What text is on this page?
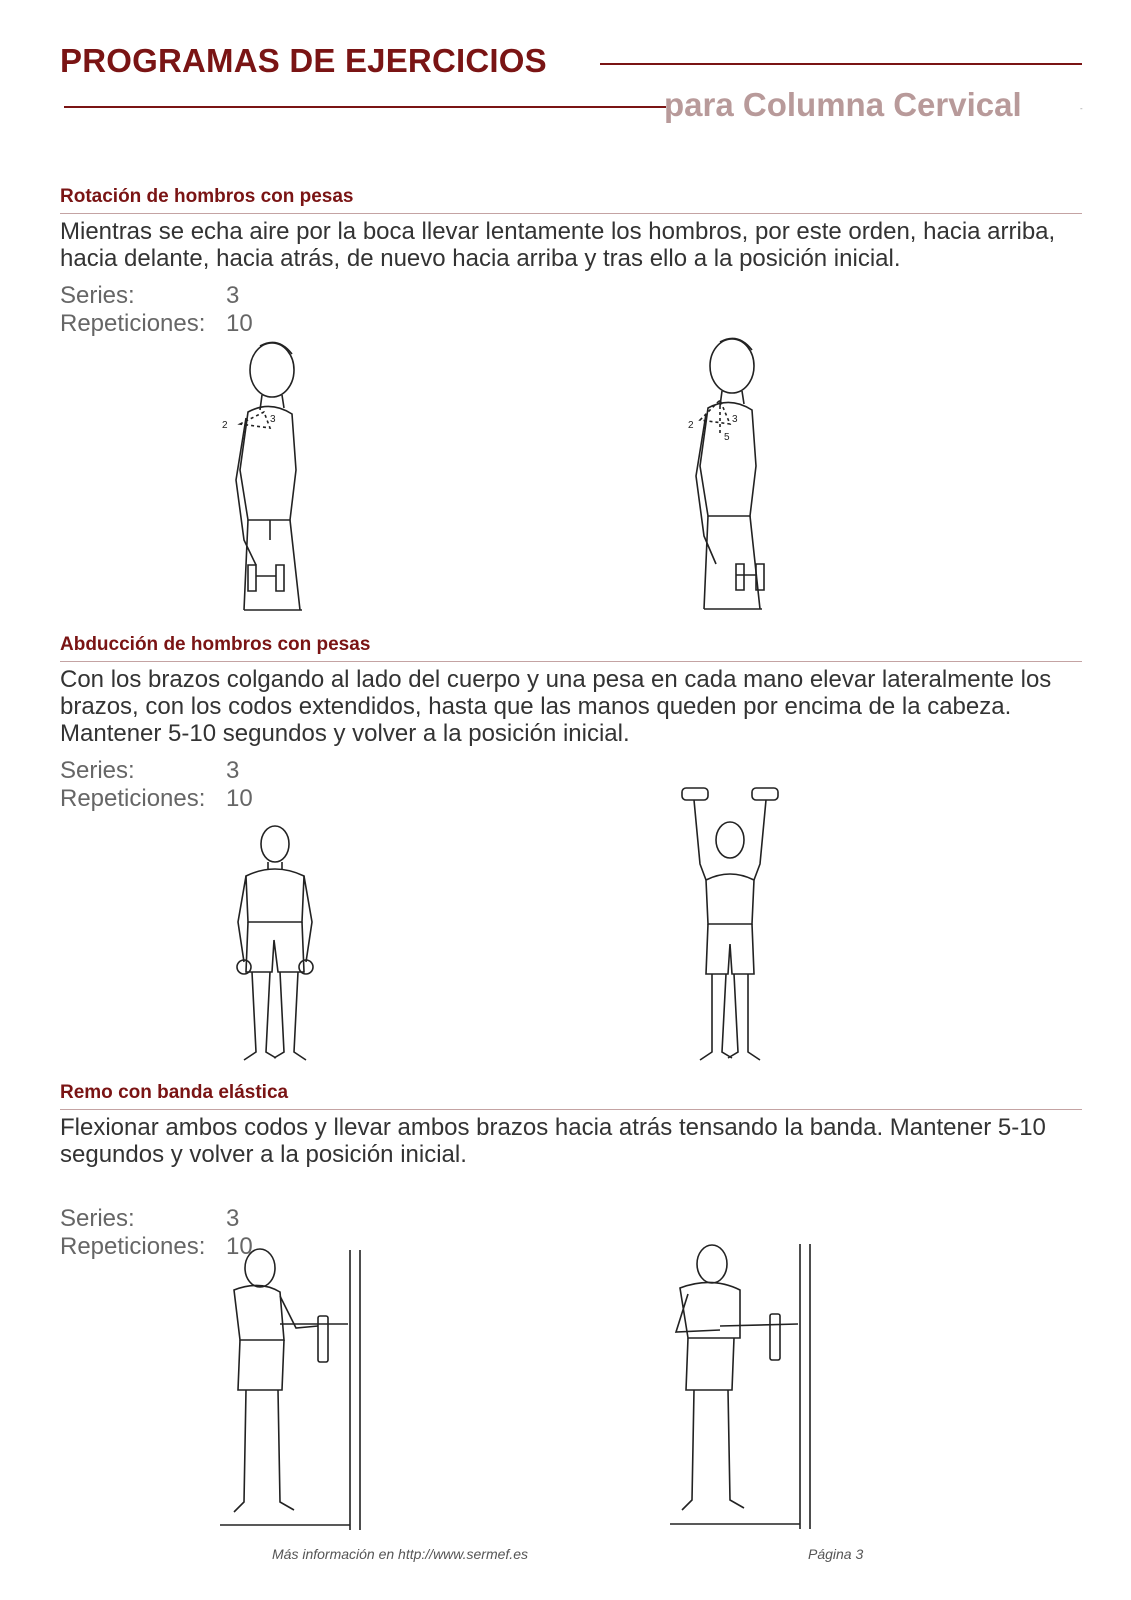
PROGRAMAS DE EJERCICIOS
para Columna Cervical	-
Rotación de hombros con pesas

Mientras se echa aire por la boca llevar lentamente los hombros, por este orden, hacia arriba, hacia delante, hacia atrás, de nuevo hacia arriba y tras ello a la posición inicial.

Series:	3
Repeticiones: 10
2
3
2
3
5
Abducción de hombros con pesas

Con los brazos colgando al lado del cuerpo y una pesa en cada mano elevar lateralmente los brazos, con los codos extendidos, hasta que las manos queden por encima de la cabeza. Mantener 5-10 segundos y volver a la posición inicial.

Series:	3
Repeticiones: 10
Remo con banda elástica

Flexionar ambos codos y llevar ambos brazos hacia atrás tensando la banda. Mantener 5-10 segundos y volver a la posición inicial.

Series:	3
Repeticiones: 10
Más información en http://www.sermef.es	Página 3
